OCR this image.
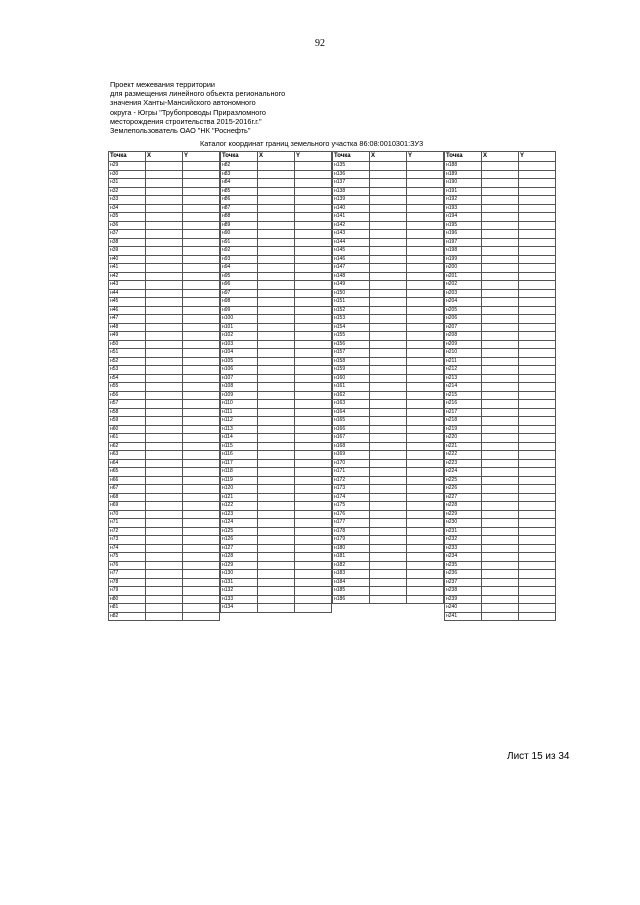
92
Проект межевания территории
для размещения линейного объекта регионального
значения Ханты-Мансийского автономного
округа - Югры "Трубопроводы Приразломного
месторождения строительства 2015-2016г.г."
Землепользователь ОАО "НК "Роснефть"
Каталог координат границ земельного участка 86:08:0010301:ЗУ3
Точка	X	Y
н29		
н30		
н31		
н32		
н33		
н34		
н35		
н36		
н37		
н38		
н39		
н40		
н41		
н42		
н43		
н44		
н45		
н46		
н47		
н48		
н49		
н50		
н51		
н52		
н53		
н54		
н55		
н56		
н57		
н58		
н59		
н60		
н61		
н62		
н63		
н64		
н65		
н66		
н67		
н68		
н69		
н70		
н71		
н72		
н73		
н74		
н75		
н76		
н77		
н78		
н79		
н80		
н81		
н82		
Точка	X	Y
н82		
н83		
н84		
н85		
н86		
н87		
н88		
н89		
н90		
н91		
н92		
н93		
н94		
н95		
н96		
н97		
н98		
н99		
н100		
н101		
н102		
н103		
н104		
н105		
н106		
н107		
н108		
н109		
н110		
н111		
н112		
н113		
н114		
н115		
н116		
н117		
н118		
н119		
н120		
н121		
н122		
н123		
н124		
н125		
н126		
н127		
н128		
н129		
н130		
н131		
н132		
н133		
н134		
Точка	X	Y
н135		
н136		
н137		
н138		
н139		
н140		
н141		
н142		
н143		
н144		
н145		
н146		
н147		
н148		
н149		
н150		
н151		
н152		
н153		
н154		
н155		
н156		
н157		
н158		
н159		
н160		
н161		
н162		
н163		
н164		
н165		
н166		
н167		
н168		
н169		
н170		
н171		
н172		
н173		
н174		
н175		
н176		
н177		
н178		
н179		
н180		
н181		
н182		
н183		
н184		
н185		
н186		
Точка	X	Y
н188		
н189		
н190		
н191		
н192		
н193		
н194		
н195		
н196		
н197		
н198		
н199		
н200		
н201		
н202		
н203		
н204		
н205		
н206		
н207		
н208		
н209		
н210		
н211		
н212		
н213		
н214		
н215		
н216		
н217		
н218		
н219		
н220		
н221		
н222		
н223		
н224		
н225		
н226		
н227		
н228		
н229		
н230		
н231		
н232		
н233		
н234		
н235		
н236		
н237		
н238		
н239		
н240		
н241		
Лист 15 из 34
